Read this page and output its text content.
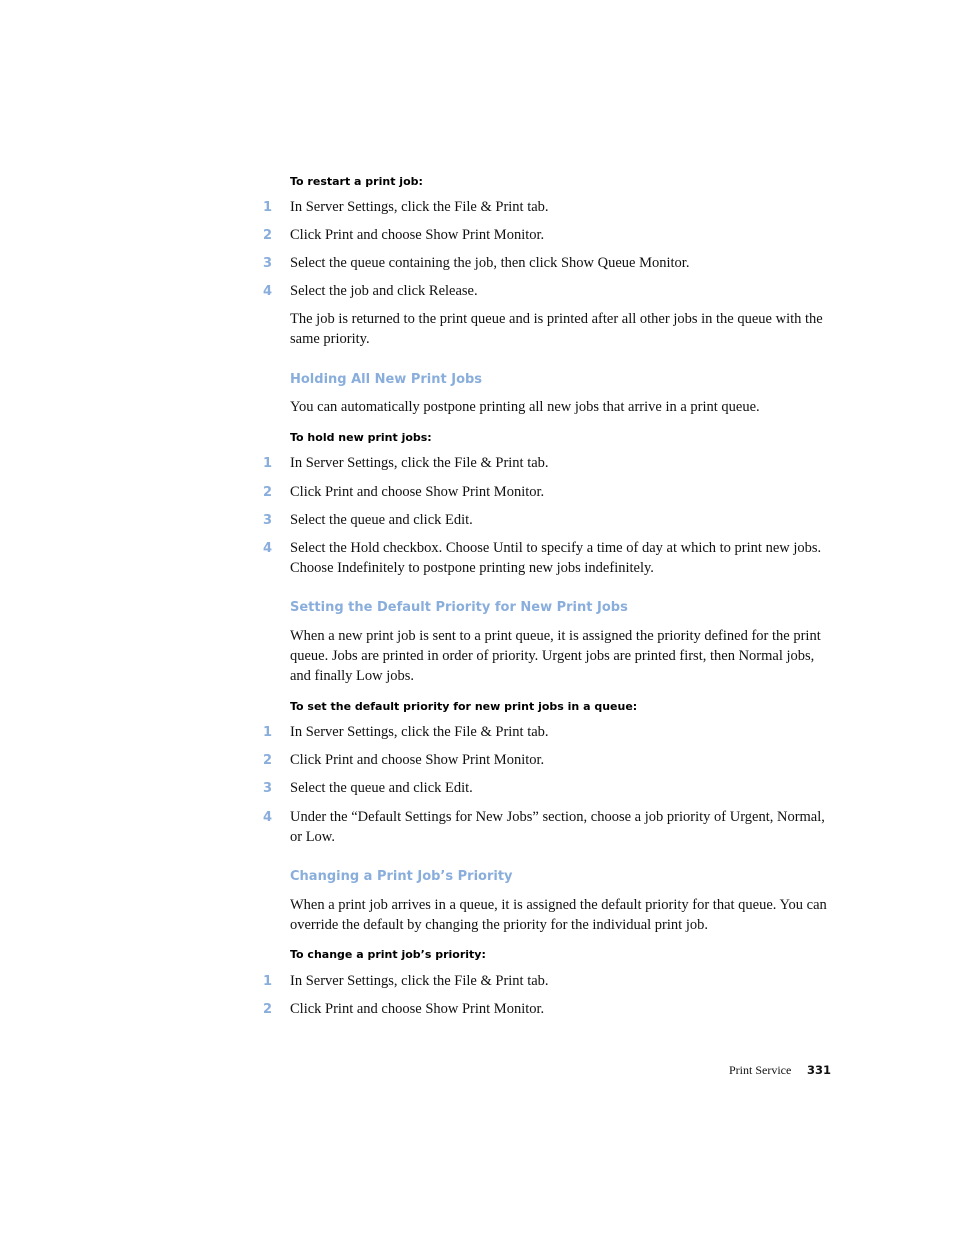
To restart a print job:
1 In Server Settings, click the File & Print tab.
2 Click Print and choose Show Print Monitor.
3 Select the queue containing the job, then click Show Queue Monitor.
4 Select the job and click Release.
The job is returned to the print queue and is printed after all other jobs in the queue with the same priority.
Holding All New Print Jobs
You can automatically postpone printing all new jobs that arrive in a print queue.
To hold new print jobs:
1 In Server Settings, click the File & Print tab.
2 Click Print and choose Show Print Monitor.
3 Select the queue and click Edit.
4 Select the Hold checkbox. Choose Until to specify a time of day at which to print new jobs. Choose Indefinitely to postpone printing new jobs indefinitely.
Setting the Default Priority for New Print Jobs
When a new print job is sent to a print queue, it is assigned the priority defined for the print queue. Jobs are printed in order of priority. Urgent jobs are printed first, then Normal jobs, and finally Low jobs.
To set the default priority for new print jobs in a queue:
1 In Server Settings, click the File & Print tab.
2 Click Print and choose Show Print Monitor.
3 Select the queue and click Edit.
4 Under the “Default Settings for New Jobs” section, choose a job priority of Urgent, Normal, or Low.
Changing a Print Job’s Priority
When a print job arrives in a queue, it is assigned the default priority for that queue. You can override the default by changing the priority for the individual print job.
To change a print job’s priority:
1 In Server Settings, click the File & Print tab.
2 Click Print and choose Show Print Monitor.
Print Service 331
